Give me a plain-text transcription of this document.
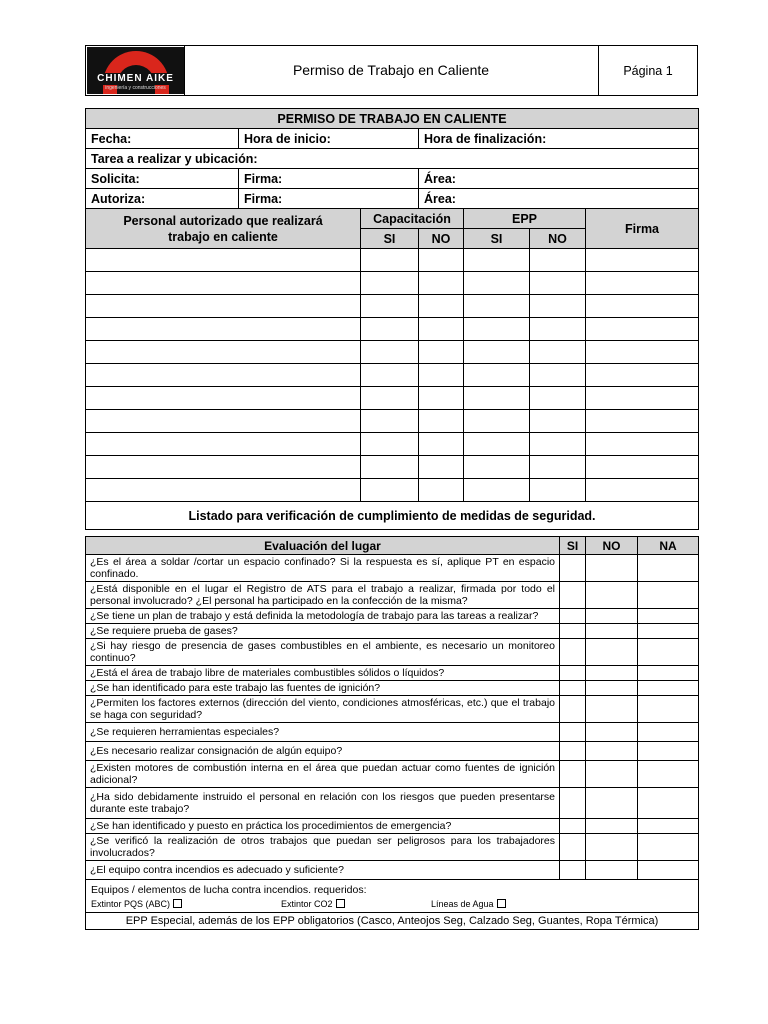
CHIMEN AIKE
ingeniería y construcciones
Permiso de Trabajo en Caliente	Página 1
PERMISO DE TRABAJO EN CALIENTE						
Fecha:	Hora de inicio:		Hora de finalización:			
Tarea a realizar y ubicación:						
Solicita:	Firma:		Área:			
Autoriza:	Firma:		Área:			
Personal autorizado que realizará
trabajo en caliente		Capacitación		EPP		Firma
		SI	NO	SI	NO	

Listado para verificación de cumplimiento de medidas de seguridad.						
Evaluación del lugar	SI	NO	NA
¿Es el área a soldar /cortar un espacio confinado? Si la respuesta es sí, aplique PT en espacio confinado.			
¿Está disponible en el lugar el Registro de ATS para el trabajo a realizar, firmada por todo el personal involucrado? ¿El personal ha participado en la confección de la misma?			
¿Se tiene un plan de trabajo y está definida la metodología de trabajo para las tareas a realizar?			
¿Se requiere prueba de gases?			
¿Si hay riesgo de presencia de gases combustibles en el ambiente, es necesario un monitoreo continuo?			
¿Está el área de trabajo libre de materiales combustibles sólidos o líquidos?			
¿Se han identificado para este trabajo las fuentes de ignición?			
¿Permiten los factores externos (dirección del viento, condiciones atmosféricas, etc.) que el trabajo se haga con seguridad?			
¿Se requieren herramientas especiales?			
¿Es necesario realizar consignación de algún equipo?			
¿Existen motores de combustión interna en el área que puedan actuar como fuentes de ignición adicional?			
¿Ha sido debidamente instruido el personal en relación con los riesgos que pueden presentarse durante este trabajo?			
¿Se han identificado y puesto en práctica los procedimientos de emergencia?			
¿Se verificó la realización de otros trabajos que puedan ser peligrosos para los trabajadores involucrados?			
¿El equipo contra incendios es adecuado y suficiente?			

Equipos / elementos de lucha contra incendios. requeridos:
Extintor PQS (ABC) Extintor CO2 Líneas de Agua			

EPP Especial, además de los EPP obligatorios (Casco, Anteojos Seg, Calzado Seg, Guantes, Ropa Térmica)			
